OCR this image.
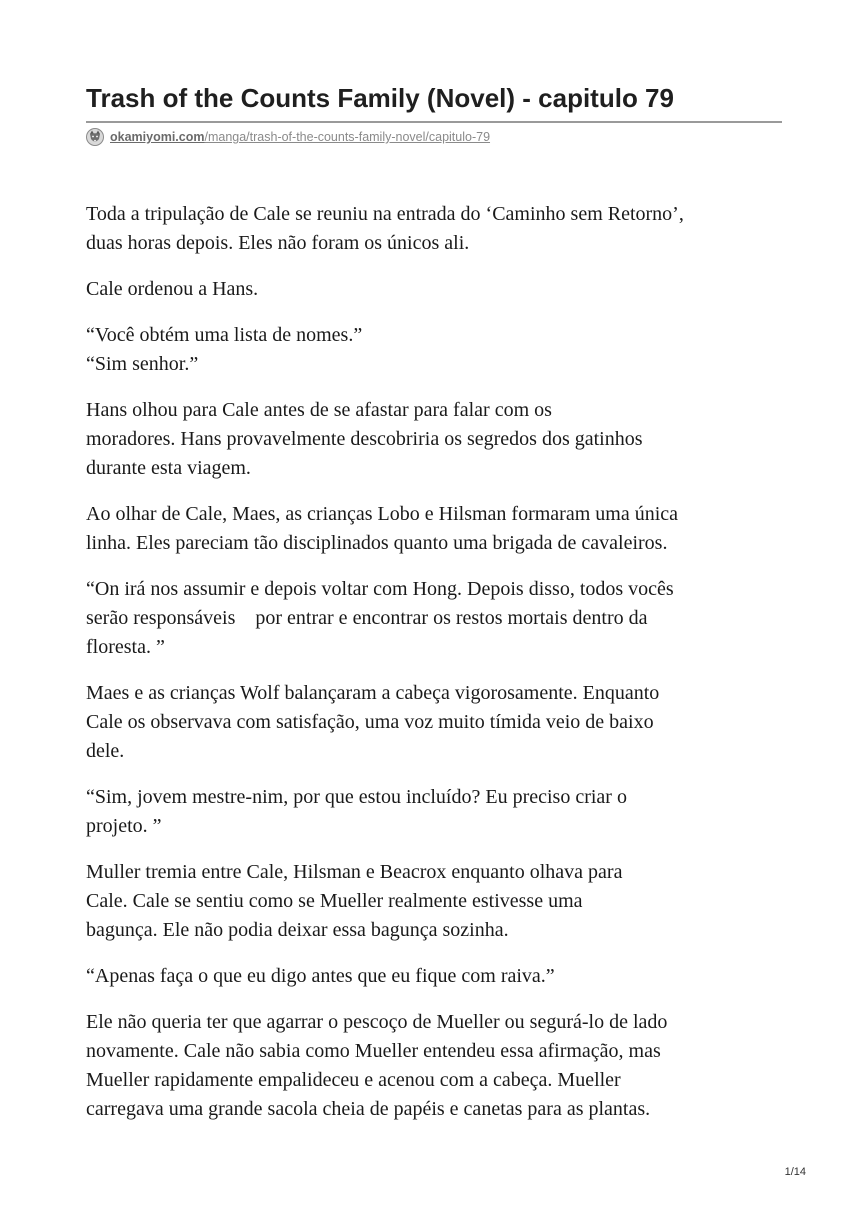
Trash of the Counts Family (Novel) - capitulo 79
okamiyomi.com /manga/trash-of-the-counts-family-novel/capitulo-79

Toda a tripulação de Cale se reuniu na entrada do ‘Caminho sem Retorno’,
duas horas depois. Eles não foram os únicos ali.

Cale ordenou a Hans.

“Você obtém uma lista de nomes.”
“Sim senhor.”

Hans olhou para Cale antes de se afastar para falar com os
moradores. Hans provavelmente descobriria os segredos dos gatinhos
durante esta viagem.

Ao olhar de Cale, Maes, as crianças Lobo e Hilsman formaram uma única
linha. Eles pareciam tão disciplinados quanto uma brigada de cavaleiros.

“On irá nos assumir e depois voltar com Hong. Depois disso, todos vocês
serão responsáveis    por entrar e encontrar os restos mortais dentro da
floresta. ”

Maes e as crianças Wolf balançaram a cabeça vigorosamente. Enquanto
Cale os observava com satisfação, uma voz muito tímida veio de baixo
dele.

“Sim, jovem mestre-nim, por que estou incluído? Eu preciso criar o
projeto. ”

Muller tremia entre Cale, Hilsman e Beacrox enquanto olhava para
Cale. Cale se sentiu como se Mueller realmente estivesse uma
bagunça. Ele não podia deixar essa bagunça sozinha.

“Apenas faça o que eu digo antes que eu fique com raiva.”

Ele não queria ter que agarrar o pescoço de Mueller ou segurá-lo de lado
novamente. Cale não sabia como Mueller entendeu essa afirmação, mas
Mueller rapidamente empalideceu e acenou com a cabeça. Mueller
carregava uma grande sacola cheia de papéis e canetas para as plantas.

1/14
